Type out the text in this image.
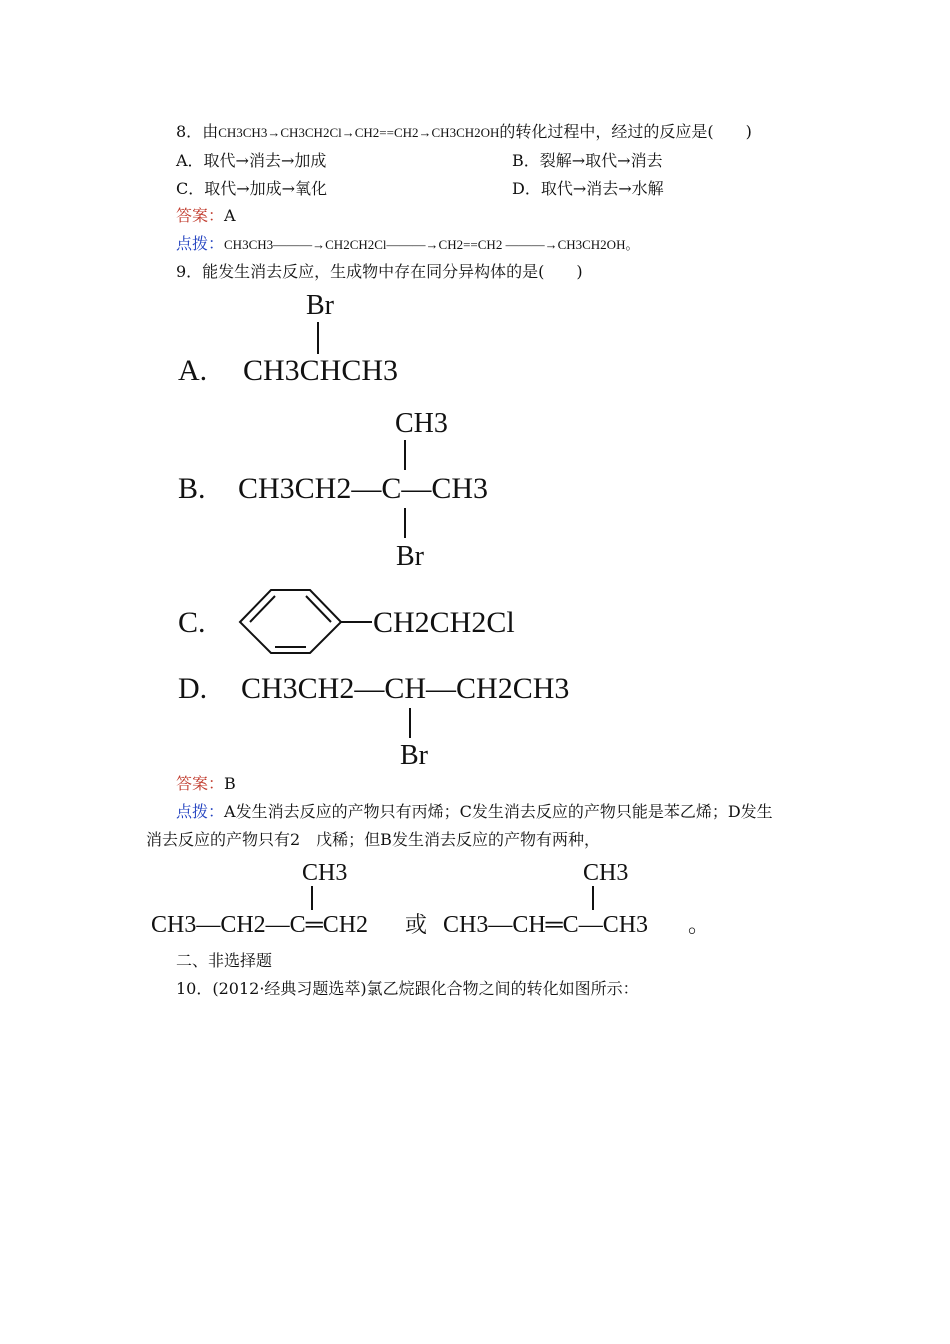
8．由CH3CH3→CH3CH2Cl→CH2==CH2→CH3CH2OH的转化过程中，经过的反应是(　　)
A．取代→消去→加成	B．裂解→取代→消去
C．取代→加成→氧化	D．取代→消去→水解
答案：A
点拨：CH3CH3———→CH2CH2Cl———→CH2==CH2 ———→CH3CH2OH。
9．能发生消去反应，生成物中存在同分异构体的是(　　)
A.
Br
CH3CHCH3
B.
CH3
CH3CH2—C—CH3
Br
C.	CH2CH2Cl
D. CH3CH2—CH—CH2CH3
Br
答案：B
点拨：A发生消去反应的产物只有丙烯；C发生消去反应的产物只能是苯乙烯；D发生
消去反应的产物只有2　戊稀；但B发生消去反应的产物有两种，
CH3
CH3—CH2—C═CH2 或
CH3
CH3—CH═C—CH3 。
二、非选择题
10．(2012·经典习题选萃)氯乙烷跟化合物之间的转化如图所示：
